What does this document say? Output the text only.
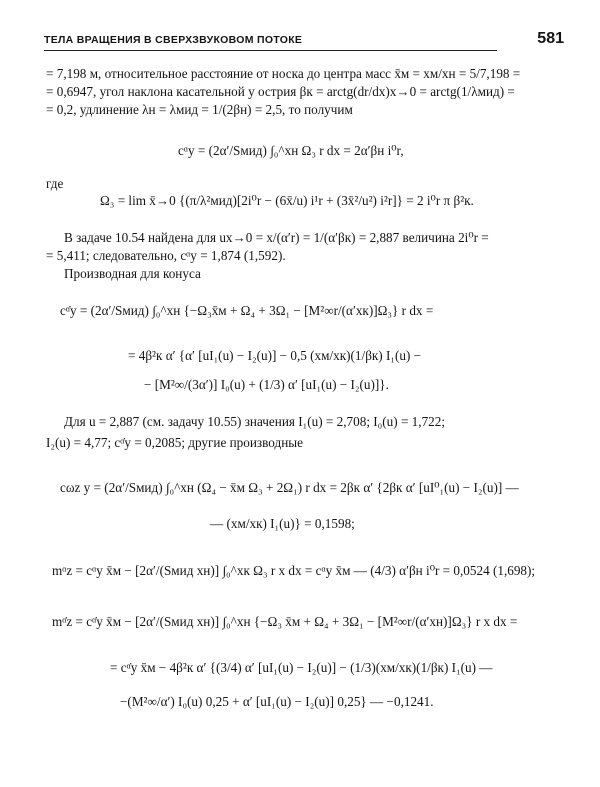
ТЕЛА ВРАЩЕНИЯ В СВЕРХЗВУКОВОМ ПОТОКЕ	581
= 7,198 м, относительное расстояние от носка до центра масс x̄м = xм/xн = 5/7,198 =
= 0,6947, угол наклона касательной у острия βк = arctg(dr/dx)x→0 = arctg(1/λмид) =
= 0,2, удлинение λн = λмид = 1/(2βн) = 2,5, то получим
cᵅy = (2α′/Sмид) ∫₀^xн Ω₃ r dx = 2α′βн i⁰r,
где
Ω₃ = lim x̄→0 {(π/λ²мид)[2i⁰r − (6x̄/u) i¹r + (3x̄²/u²) i²r]} = 2 i⁰r π β²к.
В задаче 10.54 найдена для ux→0 = x/(α′r) = 1/(α′βк) = 2,887 величина 2i⁰r =
= 5,411; следовательно, cᵅy = 1,874 (1,592).
Производная для конуса
cᵅ̇y = (2α′/Sмид) ∫₀^xн {−Ω₃x̄м + Ω₄ + 3Ω₁ − [M²∞r/(α′xк)]Ω₃} r dx =
= 4β²к α′ {α′ [uI₁(u) − I₂(u)] − 0,5 (xм/xк)(1/βк) I₁(u) −
− [M²∞/(3α′)] I₀(u) + (1/3) α′ [uI₁(u) − I₂(u)]}.
Для u = 2,887 (см. задачу 10.55) значения I₁(u) = 2,708; I₀(u) = 1,722;
I₂(u) = 4,77; cᵅ̇y = 0,2085; другие производные
cωz y = (2α′/Sмид) ∫₀^xн (Ω₄ − x̄м Ω₃ + 2Ω₁) r dx = 2βк α′ {2βк α′ [uI⁰₁(u) − I₂(u)] —
— (xм/xк) I₁(u)} = 0,1598;
mᵅz = cᵅy x̄м − [2α′/(Sмид xн)] ∫₀^xк Ω₃ r x dx = cᵅy x̄м — (4/3) α′βн i⁰r = 0,0524 (1,698);
mᵅ̇z = cᵅ̇y x̄м − [2α′/(Sмид xн)] ∫₀^xн {−Ω₃ x̄м + Ω₄ + 3Ω₁ − [M²∞r/(α′xн)]Ω₃} r x dx =
= cᵅ̇y x̄м − 4β²к α′ {(3/4) α′ [uI₁(u) − I₂(u)] − (1/3)(xм/xк)(1/βк) I₁(u) —
−(M²∞/α′) I₀(u) 0,25 + α′ [uI₁(u) − I₂(u)] 0,25} — −0,1241.
